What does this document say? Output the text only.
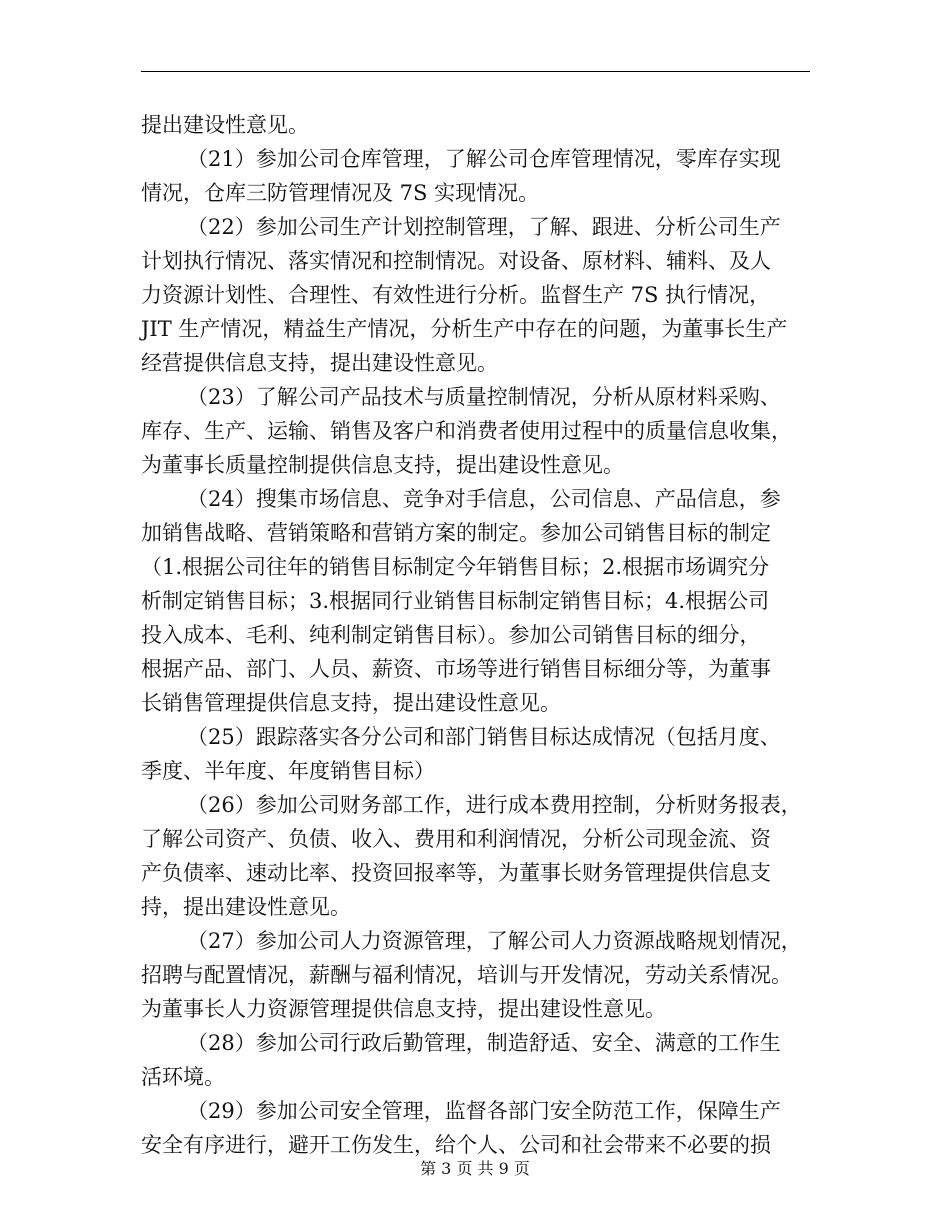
提出建设性意见。
（21）参加公司仓库管理，了解公司仓库管理情况，零库存实现
情况，仓库三防管理情况及 7S 实现情况。
（22）参加公司生产计划控制管理，了解、跟进、分析公司生产
计划执行情况、落实情况和控制情况。对设备、原材料、辅料、及人
力资源计划性、合理性、有效性进行分析。监督生产 7S 执行情况，
JIT 生产情况，精益生产情况，分析生产中存在的问题，为董事长生产
经营提供信息支持，提出建设性意见。
（23）了解公司产品技术与质量控制情况，分析从原材料采购、
库存、生产、运输、销售及客户和消费者使用过程中的质量信息收集，
为董事长质量控制提供信息支持，提出建设性意见。
（24）搜集市场信息、竞争对手信息，公司信息、产品信息，参
加销售战略、营销策略和营销方案的制定。参加公司销售目标的制定
（1.根据公司往年的销售目标制定今年销售目标；2.根据市场调究分
析制定销售目标；3.根据同行业销售目标制定销售目标；4.根据公司
投入成本、毛利、纯利制定销售目标）。参加公司销售目标的细分，
根据产品、部门、人员、薪资、市场等进行销售目标细分等，为董事
长销售管理提供信息支持，提出建设性意见。
（25）跟踪落实各分公司和部门销售目标达成情况（包括月度、
季度、半年度、年度销售目标）
（26）参加公司财务部工作，进行成本费用控制，分析财务报表，
了解公司资产、负债、收入、费用和利润情况，分析公司现金流、资
产负债率、速动比率、投资回报率等，为董事长财务管理提供信息支
持，提出建设性意见。
（27）参加公司人力资源管理，了解公司人力资源战略规划情况，
招聘与配置情况，薪酬与福利情况，培训与开发情况，劳动关系情况。
为董事长人力资源管理提供信息支持，提出建设性意见。
（28）参加公司行政后勤管理，制造舒适、安全、满意的工作生
活环境。
（29）参加公司安全管理，监督各部门安全防范工作，保障生产
安全有序进行，避开工伤发生，给个人、公司和社会带来不必要的损
第 3 页 共 9 页
